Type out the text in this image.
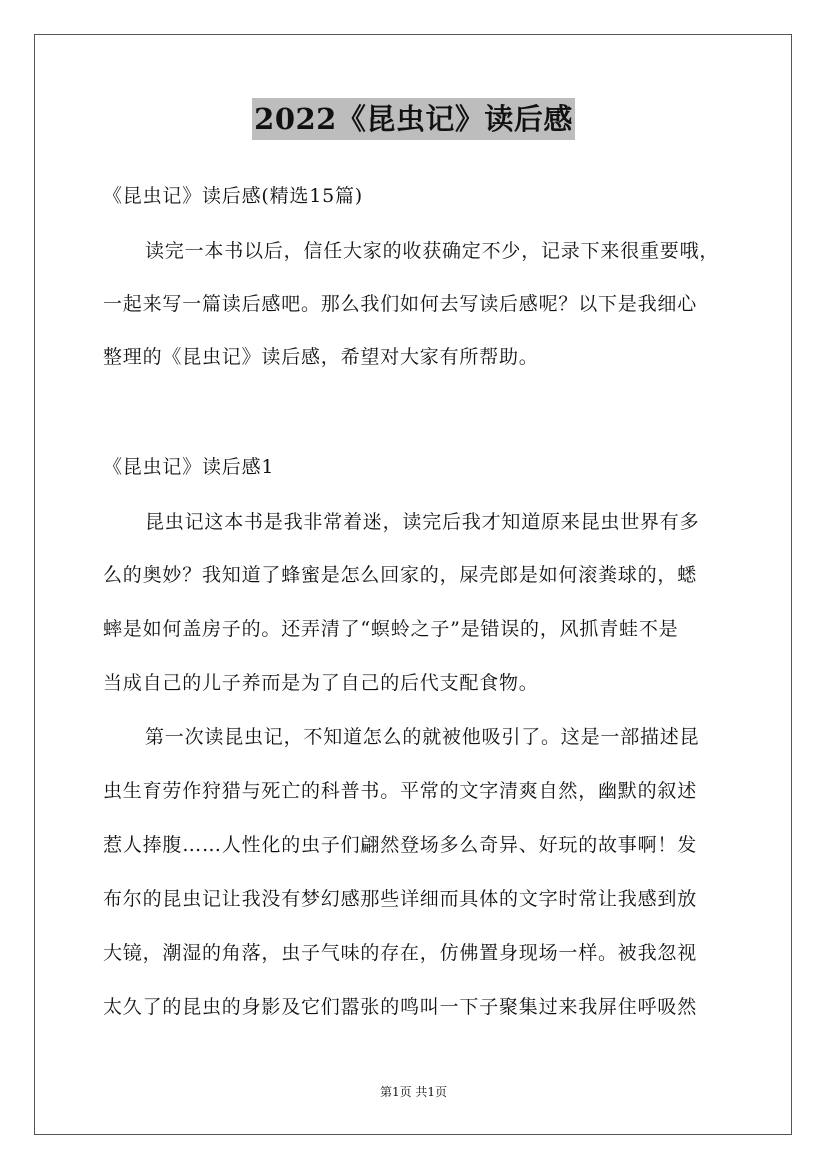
2022《昆虫记》读后感
《昆虫记》读后感(精选15篇)
读完一本书以后，信任大家的收获确定不少，记录下来很重要哦，
一起来写一篇读后感吧。那么我们如何去写读后感呢？以下是我细心
整理的《昆虫记》读后感，希望对大家有所帮助。
《昆虫记》读后感1
昆虫记这本书是我非常着迷，读完后我才知道原来昆虫世界有多
么的奥妙？我知道了蜂蜜是怎么回家的，屎壳郎是如何滚粪球的，蟋
蟀是如何盖房子的。还弄清了“螟蛉之子”是错误的，风抓青蛙不是
当成自己的儿子养而是为了自己的后代支配食物。
第一次读昆虫记，不知道怎么的就被他吸引了。这是一部描述昆
虫生育劳作狩猎与死亡的科普书。平常的文字清爽自然，幽默的叙述
惹人捧腹……人性化的虫子们翩然登场多么奇异、好玩的故事啊！发
布尔的昆虫记让我没有梦幻感那些详细而具体的文字时常让我感到放
大镜，潮湿的角落，虫子气味的存在，仿佛置身现场一样。被我忽视
太久了的昆虫的身影及它们嚣张的鸣叫一下子聚集过来我屏住呼吸然
第1页 共1页
